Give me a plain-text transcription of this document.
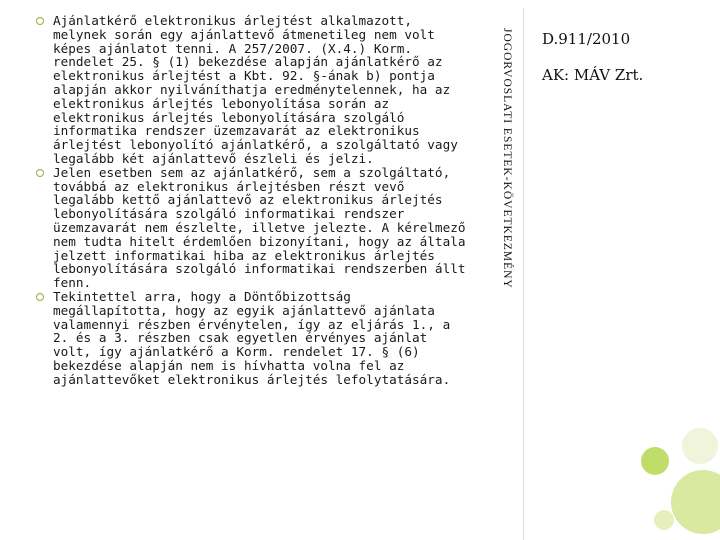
Ajánlatkérő elektronikus árlejtést alkalmazott, melynek során egy ajánlattevő átmenetileg nem volt képes ajánlatot tenni. A 257/2007. (X.4.) Korm. rendelet 25. § (1) bekezdése alapján ajánlatkérő az elektronikus árlejtést a Kbt. 92. §-ának b) pontja alapján akkor nyilváníthatja eredménytelennek, ha az elektronikus árlejtés lebonyolítása során az elektronikus árlejtés lebonyolítására szolgáló informatika rendszer üzemzavarát az elektronikus árlejtést lebonyolító ajánlatkérő, a szolgáltató vagy legalább két ajánlattevő észleli és jelzi.
Jelen esetben sem az ajánlatkérő, sem a szolgáltató, továbbá az elektronikus árlejtésben részt vevő legalább kettő ajánlattevő az elektronikus árlejtés lebonyolítására szolgáló informatikai rendszer üzemzavarát nem észlelte, illetve jelezte. A kérelmező nem tudta hitelt érdemlően bizonyítani, hogy az általa jelzett informatikai hiba az elektronikus árlejtés lebonyolítására szolgáló informatikai rendszerben állt fenn.
Tekintettel arra, hogy a Döntőbizottság megállapította, hogy az egyik ajánlattevő ajánlata valamennyi részben érvénytelen, így az eljárás 1., a 2. és a 3. részben csak egyetlen érvényes ajánlat volt, így ajánlatkérő a Korm. rendelet 17. § (6) bekezdése alapján nem is hívhatta volna fel az ajánlattevőket elektronikus árlejtés lefolytatására.
JOGORVOSLATI ESETEK-KÖVETKEZMÉNY D.911/2010
AK: MÁV Zrt.
